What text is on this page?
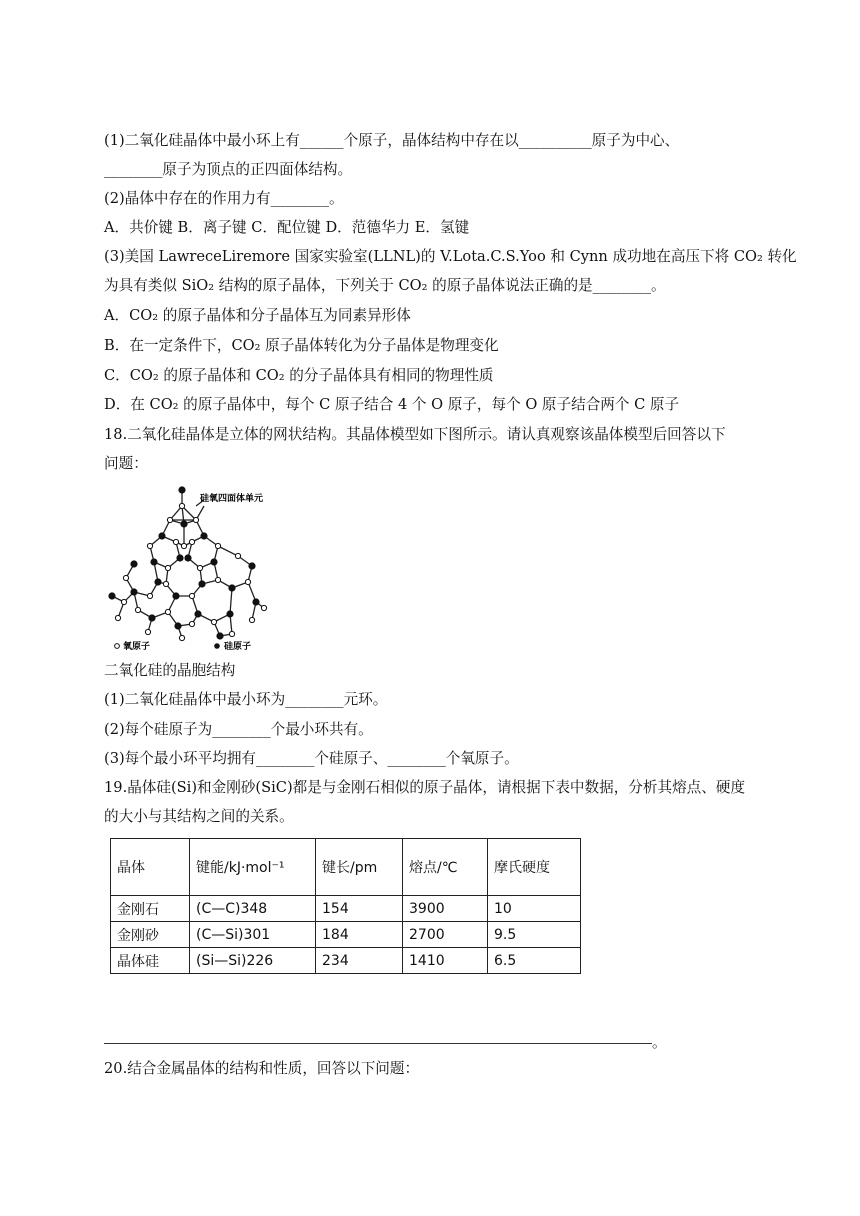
(1)二氧化硅晶体中最小环上有______个原子，晶体结构中存在以__________原子为中心、
________原子为顶点的正四面体结构。
(2)晶体中存在的作用力有________。
A．共价键 B．离子键 C．配位键 D．范德华力 E．氢键
(3)美国 LawreceLiremore 国家实验室(LLNL)的 V.Lota.C.S.Yoo 和 Cynn 成功地在高压下将 CO₂ 转化
为具有类似 SiO₂ 结构的原子晶体，下列关于 CO₂ 的原子晶体说法正确的是________。
A．CO₂ 的原子晶体和分子晶体互为同素异形体
B．在一定条件下，CO₂ 原子晶体转化为分子晶体是物理变化
C．CO₂ 的原子晶体和 CO₂ 的分子晶体具有相同的物理性质
D．在 CO₂ 的原子晶体中，每个 C 原子结合 4 个 O 原子，每个 O 原子结合两个 C 原子
18.二氧化硅晶体是立体的网状结构。其晶体模型如下图所示。请认真观察该晶体模型后回答以下
问题：
硅氧四面体单元
氧原子	硅原子
二氧化硅的晶胞结构
(1)二氧化硅晶体中最小环为________元环。
(2)每个硅原子为________个最小环共有。
(3)每个最小环平均拥有________个硅原子、________个氧原子。
19.晶体硅(Si)和金刚砂(SiC)都是与金刚石相似的原子晶体，请根据下表中数据，分析其熔点、硬度
的大小与其结构之间的关系。
晶体	键能/kJ·mol⁻¹	键长/pm	熔点/℃	摩氏硬度
金刚石	(C—C)348	154	3900	10
金刚砂	(C—Si)301	184	2700	9.5
晶体硅	(Si—Si)226	234	1410	6.5
。
20.结合金属晶体的结构和性质，回答以下问题：
